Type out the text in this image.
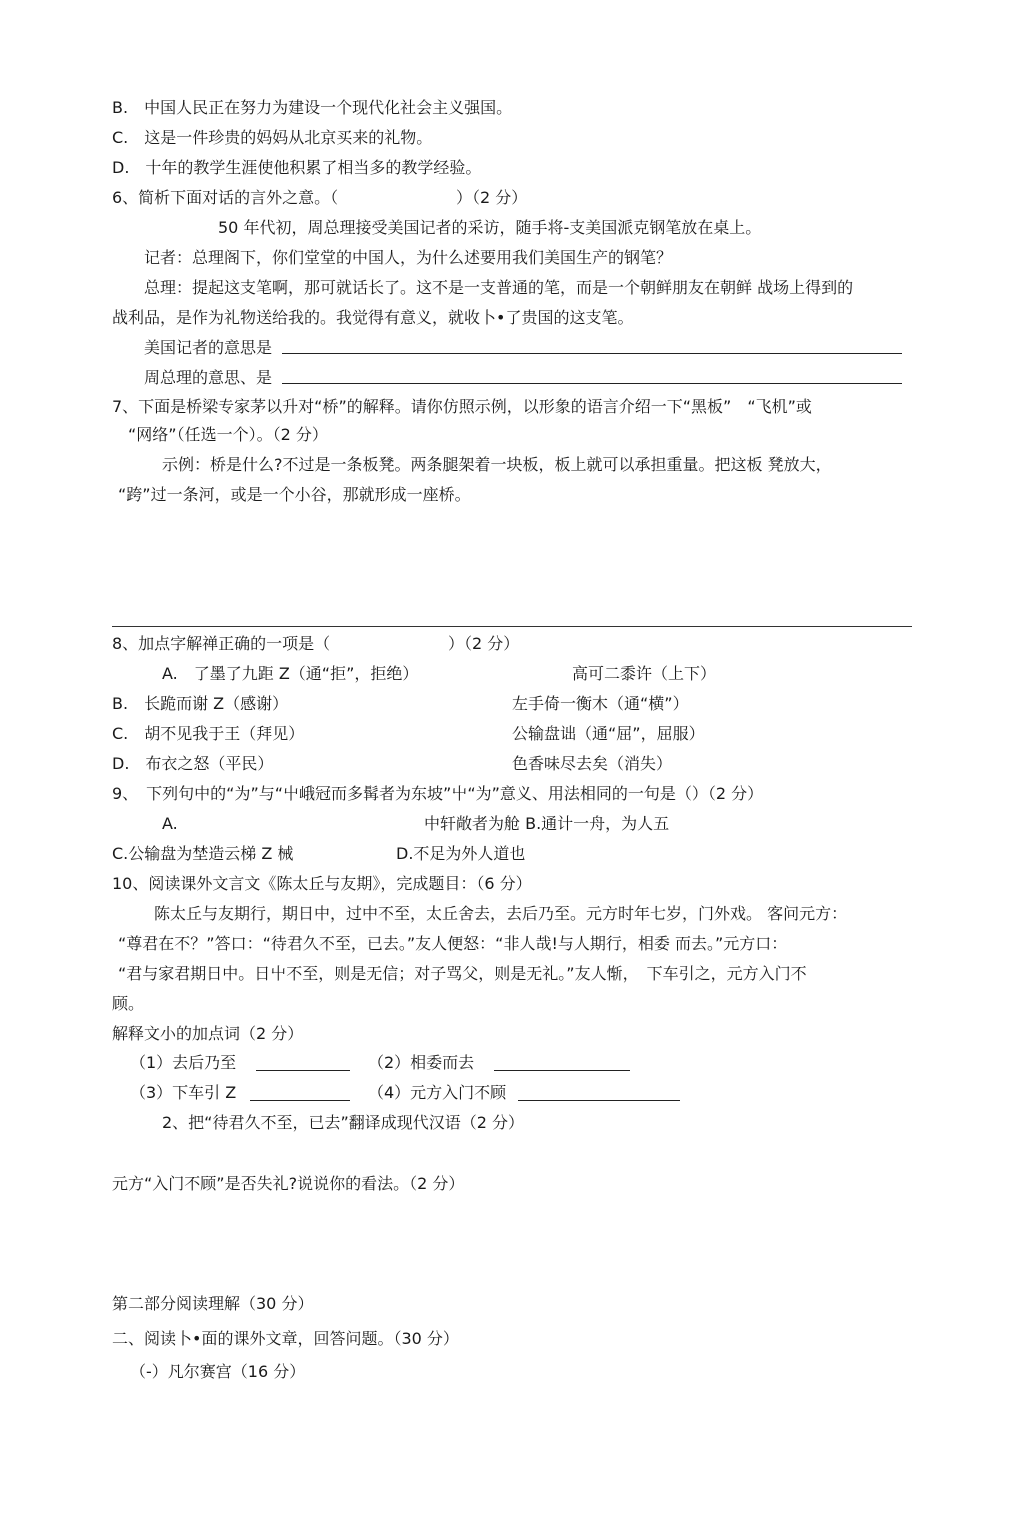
B.　中国人民正在努力为建设一个现代化社会主义强国。
C.　这是一件珍贵的妈妈从北京买来的礼物。
D.　十年的教学生涯使他积累了相当多的教学经验。
6、简析下面对话的言外之意。（	）（2 分）
50 年代初，周总理接受美国记者的采访，随手将-支美国派克钢笔放在桌上。
记者：总理阁下，你们堂堂的中国人，为什么述要用我们美国生产的钢笔？
总理：提起这支笔啊，那可就话长了。这不是一支普通的笔，而是一个朝鲜朋友在朝鲜 战场上得到的
战利品，是作为礼物送给我的。我觉得有意义，就收卜•了贵国的这支笔。
美国记者的意思是
周总理的意思、是
7、下面是桥梁专家茅以升对“桥”的解释。请你仿照示例，以形象的语言介绍一下“黑板”　“飞机”或
“网络”（任选一个）。（2 分）
示例：桥是什么?不过是一条板凳。两条腿架着一块板，板上就可以承担重量。把这板 凳放大，
“跨”过一条河，或是一个小谷，那就形成一座桥。
8、加点字解禅正确的一项是（	）（2 分）
A.　了墨了九距 Z（通“拒”，拒绝）	高可二黍许（上下）
B.　长跪而谢 Z（感谢）	左手倚一衡木（通“横”）
C.　胡不见我于王（拜见）	公输盘诎（通“屈”，屈服）
D.　布衣之怒（平民）	色香味尽去矣（消失）
9、　下列句中的“为”与“屮峨冠而多髯者为东坡”屮“为”意义、用法相同的一句是（）（2 分）
A.	中轩敞者为舱 B.通计一舟，为人五
C.公输盘为埜造云梯 Z 械	D.不足为外人道也
10、阅读课外文言文《陈太丘与友期》，完成题目：（6 分）
陈太丘与友期行，期日中，过中不至，太丘舍去，去后乃至。元方时年七岁，门外戏。 客问元方：
“尊君在不？”答口：“待君久不至，已去。”友人便怒：“非人哉!与人期行，相委 而去。”元方口：
“君与家君期日中。日屮不至，则是无信；对子骂父，则是无礼。”友人惭，　下车引之，元方入门不
顾。
解释文小的加点词（2 分）
（1）去后乃至	（2）相委而去
（3）下车引 Z	（4）元方入门不顾
2、把“待君久不至，已去”翻译成现代汉语（2 分）
元方“入门不顾”是否失礼?说说你的看法。（2 分）
第二部分阅读理解（30 分）
二、阅读卜•面的课外文章，回答问题。（30 分）
（-）凡尔赛宫（16 分）
